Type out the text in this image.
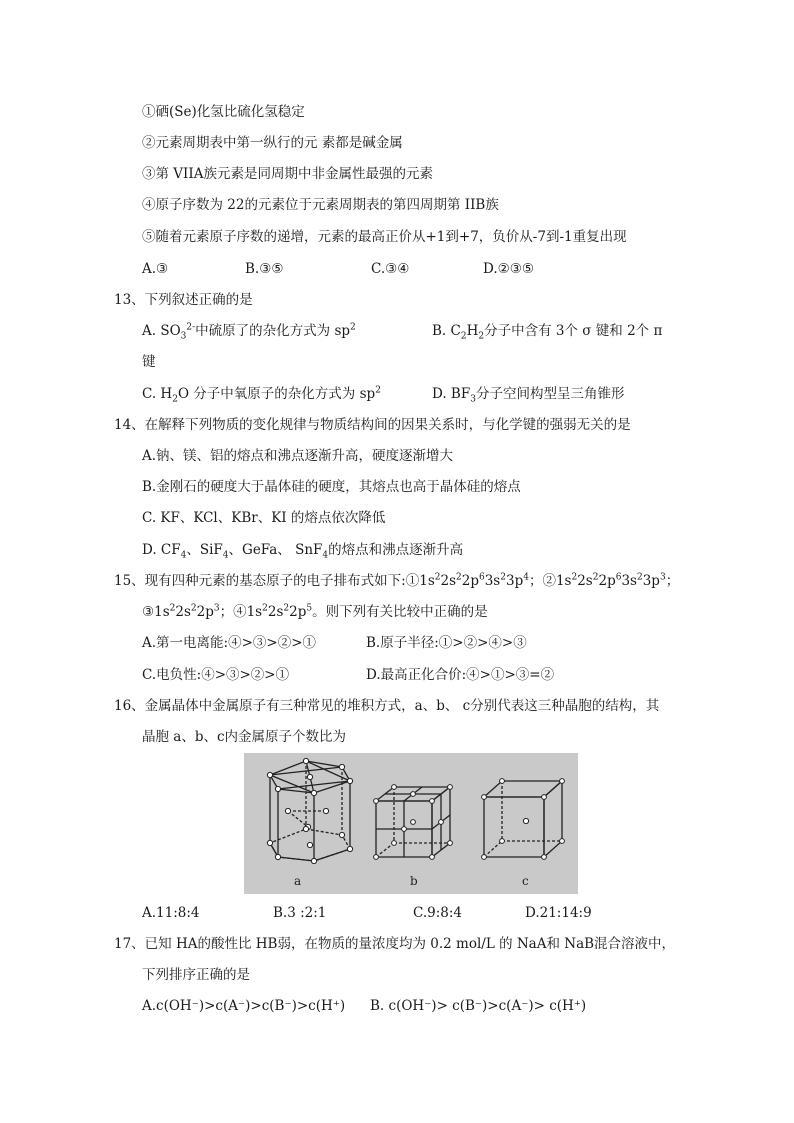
①硒(Se)化氢比硫化氢稳定
②元素周期表中第一纵行的元 素都是碱金属
③第 VIIA族元素是同周期中非金属性最强的元素
④原子序数为 22的元素位于元素周期表的第四周期第 IIB族
⑤随着元素原子序数的递增，元素的最高正价从+1到+7，负价从-7到-1重复出现
A.③	B.③⑤	C.③④	D.②③⑤
13、下列叙述正确的是
A. $SO_3^{2-}$中硫原了的杂化方式为 $sp^2$	B. $C_2H_2$分子中含有 3个 σ 键和 2个 π
键
C. $H_2O$ 分子中氧原子的杂化方式为 $sp^2$	D. $BF_3$分子空间构型呈三角锥形
14、在解释下列物质的变化规律与物质结构间的因果关系时，与化学键的强弱无关的是
A.钠、镁、铝的熔点和沸点逐渐升高，硬度逐渐增大
B.金刚石的硬度大于晶体硅的硬度，其熔点也高于晶体硅的熔点
C. KF、KCl、KBr、KI 的熔点依次降低
D. $CF_4$、SiF$_4$、GeFa、 SnF$_4$的熔点和沸点逐渐升高
15、现有四种元素的基态原子的电子排布式如下$:①1s^22s^22p^63s^23p^4$；$②1s^22s^22p^63s^23p^3$；
$③1s^22s^22p^3$；$④1s^22s^22p^5$。则下列有关比较中正确的是
A.第一电离能:④>③>②>①	B.原子半径:①>②>④>③
C.电负性:④>③>②>①	D.最高正化合价:④>①>③=②
16、金属晶体中金属原子有三种常见的堆积方式，a、b、 c分别代表这三种晶胞的结构，其
晶胞 a、b、c内金属原子个数比为
a	b	c
A.11:8:4	B.3 :2:1	C.9:8:4	D.21:14:9
17、已知 HA的酸性比 HB弱，在物质的量浓度均为 0.2 mol/L 的 NaA和 NaB混合溶液中，
下列排序正确的是
A.c(OH⁻)>c(A⁻)>c(B⁻)>c(H⁺) B. c(OH⁻)> c(B⁻)>c(A⁻)> c(H⁺)
